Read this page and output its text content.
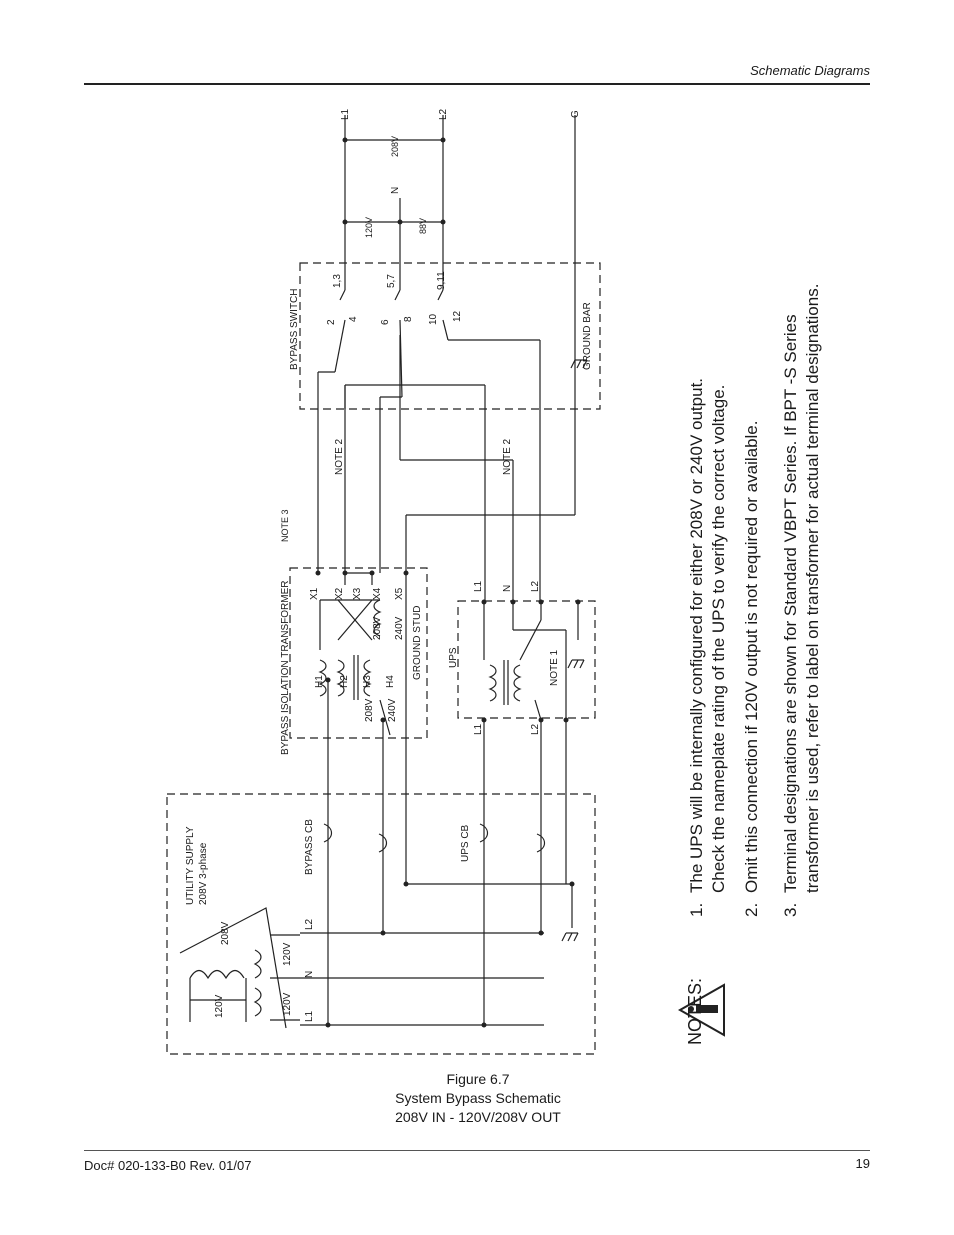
Schematic Diagrams
UTILITY SUPPLY 208V 3-phase
208V
120V
120V
120V
L1
N
L2
BYPASS CB	UPS CB
BYPASS ISOLATION TRANSFORMER
NOTE 3
H1 H2 H3 H4
208V 240V
X1 X2 X3 X4 X5
208V 240V GROUND STUD	UPS
L1	L2
L1 N L2
NOTE 1
NOTE 2	NOTE 2
BYPASS SWITCH	2
4
1,3
6
8
5,7
10 12
9,11
GROUND BAR
L1
N
L2	G
208V
120V	88V
NOTES:
1.
The UPS will be internally configured for either 208V or 240V output. Check the nameplate rating of the UPS to verify the correct voltage.
2.
Omit this connection if 120V output is not required or available.
3.
Terminal designations are shown for Standard VBPT Series. If BPT -S Series transformer is used, refer to label on transformer for actual terminal designations.
Figure 6.7
System Bypass Schematic
208V IN - 120V/208V OUT
Doc# 020-133-B0 Rev. 01/07	19
